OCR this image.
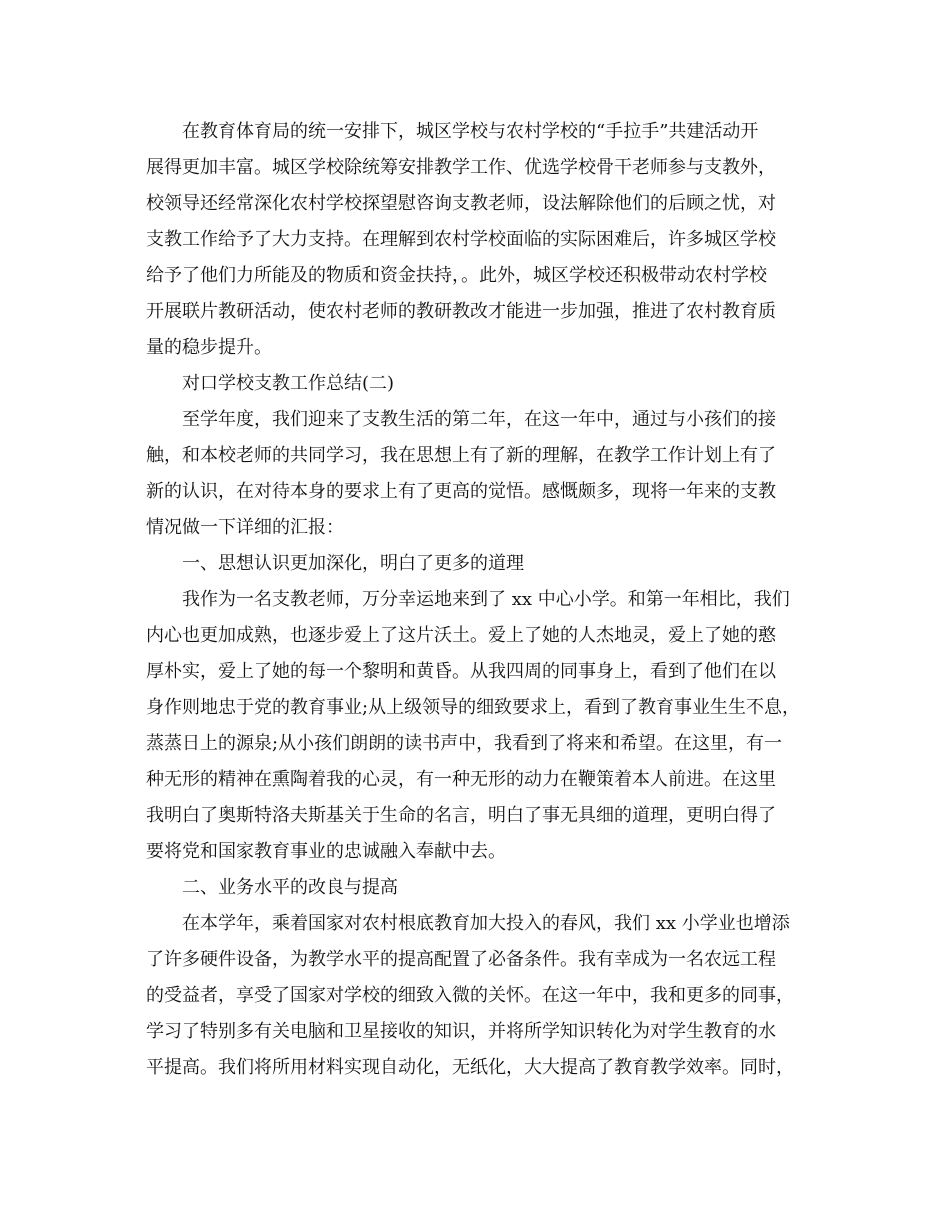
在教育体育局的统一安排下，城区学校与农村学校的“手拉手”共建活动开
展得更加丰富。城区学校除统筹安排教学工作、优选学校骨干老师参与支教外，
校领导还经常深化农村学校探望慰咨询支教老师，设法解除他们的后顾之忧，对
支教工作给予了大力支持。在理解到农村学校面临的实际困难后，许多城区学校
给予了他们力所能及的物质和资金扶持，。此外，城区学校还积极带动农村学校
开展联片教研活动，使农村老师的教研教改才能进一步加强，推进了农村教育质
量的稳步提升。
对口学校支教工作总结(二)
至学年度，我们迎来了支教生活的第二年，在这一年中，通过与小孩们的接
触，和本校老师的共同学习，我在思想上有了新的理解，在教学工作计划上有了
新的认识，在对待本身的要求上有了更高的觉悟。感慨颇多，现将一年来的支教
情况做一下详细的汇报：
一、思想认识更加深化，明白了更多的道理
我作为一名支教老师，万分幸运地来到了 xx 中心小学。和第一年相比，我们
内心也更加成熟，也逐步爱上了这片沃土。爱上了她的人杰地灵，爱上了她的憨
厚朴实，爱上了她的每一个黎明和黄昏。从我四周的同事身上，看到了他们在以
身作则地忠于党的教育事业;从上级领导的细致要求上，看到了教育事业生生不息，
蒸蒸日上的源泉;从小孩们朗朗的读书声中，我看到了将来和希望。在这里，有一
种无形的精神在熏陶着我的心灵，有一种无形的动力在鞭策着本人前进。在这里
我明白了奥斯特洛夫斯基关于生命的名言，明白了事无具细的道理，更明白得了
要将党和国家教育事业的忠诚融入奉献中去。
二、业务水平的改良与提高
在本学年，乘着国家对农村根底教育加大投入的春风，我们 xx 小学业也增添
了许多硬件设备，为教学水平的提高配置了必备条件。我有幸成为一名农远工程
的受益者，享受了国家对学校的细致入微的关怀。在这一年中，我和更多的同事，
学习了特别多有关电脑和卫星接收的知识，并将所学知识转化为对学生教育的水
平提高。我们将所用材料实现自动化，无纸化，大大提高了教育教学效率。同时，
